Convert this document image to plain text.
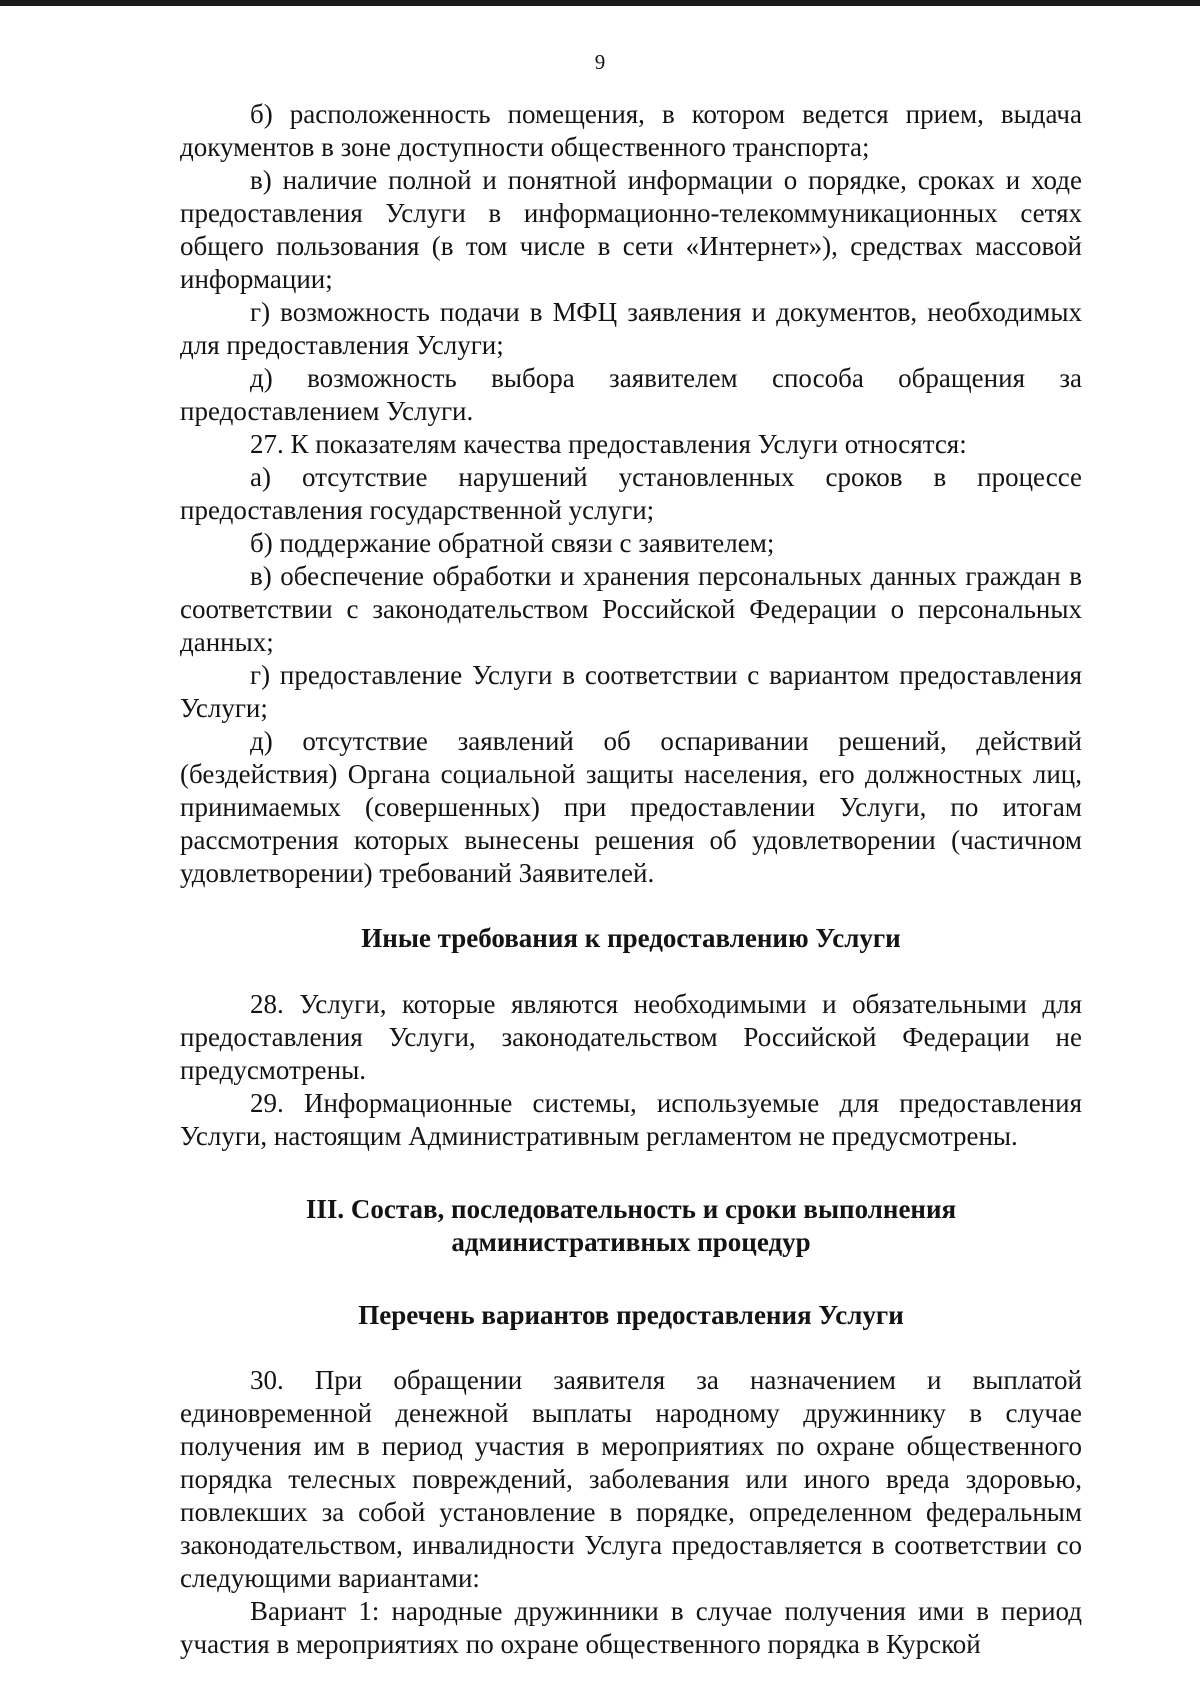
9

б) расположенность помещения, в котором ведется прием, выдача документов в зоне доступности общественного транспорта;

в) наличие полной и понятной информации о порядке, сроках и ходе предоставления Услуги в информационно-телекоммуникационных сетях общего пользования (в том числе в сети «Интернет»), средствах массовой информации;

г) возможность подачи в МФЦ заявления и документов, необходимых для предоставления Услуги;

д) возможность выбора заявителем способа обращения за предоставлением Услуги.

27. К показателям качества предоставления Услуги относятся:

а) отсутствие нарушений установленных сроков в процессе предоставления государственной услуги;

б) поддержание обратной связи с заявителем;

в) обеспечение обработки и хранения персональных данных граждан в соответствии с законодательством Российской Федерации о персональных данных;

г) предоставление Услуги в соответствии с вариантом предоставления Услуги;

д) отсутствие заявлений об оспаривании решений, действий (бездействия) Органа социальной защиты населения, его должностных лиц, принимаемых (совершенных) при предоставлении Услуги, по итогам рассмотрения которых вынесены решения об удовлетворении (частичном удовлетворении) требований Заявителей.

Иные требования к предоставлению Услуги

28. Услуги, которые являются необходимыми и обязательными для предоставления Услуги, законодательством Российской Федерации не предусмотрены.

29. Информационные системы, используемые для предоставления Услуги, настоящим Административным регламентом не предусмотрены.

III. Состав, последовательность и сроки выполнения
административных процедур

Перечень вариантов предоставления Услуги

30. При обращении заявителя за назначением и выплатой единовременной денежной выплаты народному дружиннику в случае получения им в период участия в мероприятиях по охране общественного порядка телесных повреждений, заболевания или иного вреда здоровью, повлекших за собой установление в порядке, определенном федеральным законодательством, инвалидности Услуга предоставляется в соответствии со следующими вариантами:

Вариант 1: народные дружинники в случае получения ими в период участия в мероприятиях по охране общественного порядка в Курской
